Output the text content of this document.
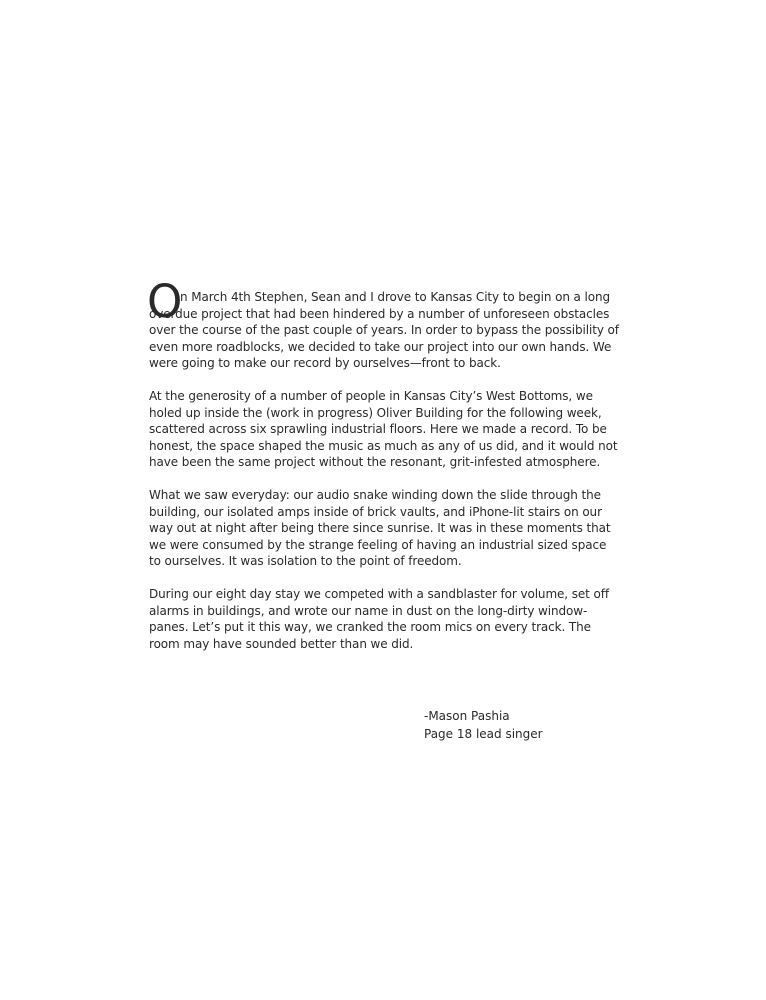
O
n March 4th Stephen, Sean and I drove to Kansas City to begin on a long
overdue project that had been hindered by a number of unforeseen obstacles over the course of the past couple of years. In order to bypass the possibility of even more roadblocks, we decided to take our project into our own hands. We were going to make our record by ourselves—front to back.

At the generosity of a number of people in Kansas City’s West Bottoms, we holed up inside the (work in progress) Oliver Building for the following week, scattered across six sprawling industrial floors. Here we made a record. To be honest, the space shaped the music as much as any of us did, and it would not have been the same project without the resonant, grit-infested atmosphere.

What we saw everyday: our audio snake winding down the slide through the building, our isolated amps inside of brick vaults, and iPhone-lit stairs on our way out at night after being there since sunrise. It was in these moments that we were consumed by the strange feeling of having an industrial sized space to ourselves. It was isolation to the point of freedom.

During our eight day stay we competed with a sandblaster for volume, set off alarms in buildings, and wrote our name in dust on the long-dirty window-panes. Let’s put it this way, we cranked the room mics on every track. The room may have sounded better than we did.

-Mason Pashia
Page 18 lead singer
